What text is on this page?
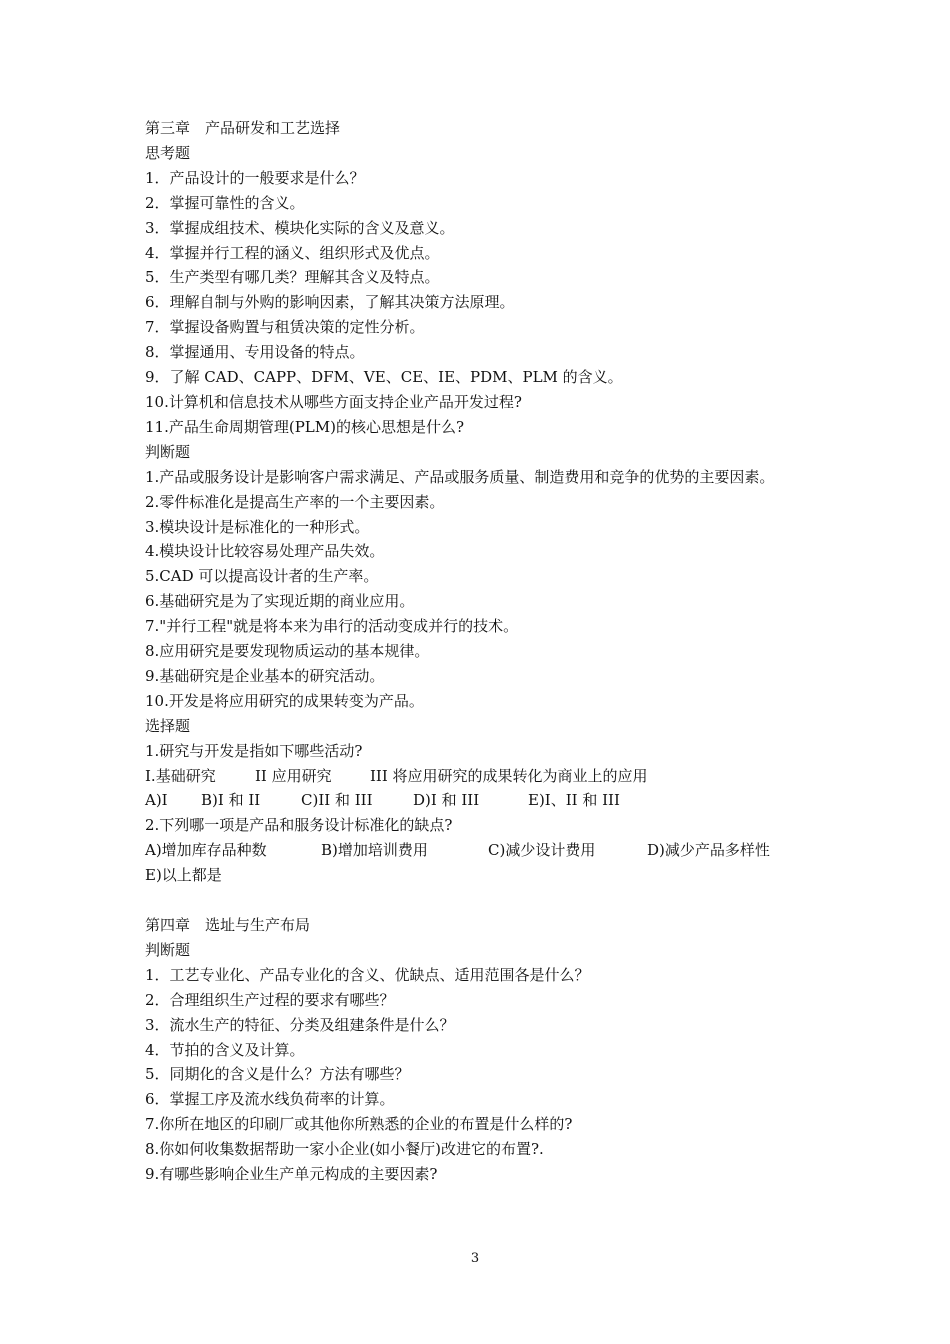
第三章　产品研发和工艺选择
思考题
1．产品设计的一般要求是什么？
2．掌握可靠性的含义。
3．掌握成组技术、模块化实际的含义及意义。
4．掌握并行工程的涵义、组织形式及优点。
5．生产类型有哪几类？理解其含义及特点。
6．理解自制与外购的影响因素，了解其决策方法原理。
7．掌握设备购置与租赁决策的定性分析。
8．掌握通用、专用设备的特点。
9．了解 CAD、CAPP、DFM、VE、CE、IE、PDM、PLM 的含义。
10.计算机和信息技术从哪些方面支持企业产品开发过程?
11.产品生命周期管理(PLM)的核心思想是什么?
判断题
1.产品或服务设计是影响客户需求满足、产品或服务质量、制造费用和竞争的优势的主要因素。
2.零件标准化是提高生产率的一个主要因素。
3.模块设计是标准化的一种形式。
4.模块设计比较容易处理产品失效。
5.CAD 可以提高设计者的生产率。
6.基础研究是为了实现近期的商业应用。
7."并行工程"就是将本来为串行的活动变成并行的技术。
8.应用研究是要发现物质运动的基本规律。
9.基础研究是企业基本的研究活动。
10.开发是将应用研究的成果转变为产品。
选择题
1.研究与开发是指如下哪些活动?
I.基础研究	II 应用研究	III 将应用研究的成果转化为商业上的应用
A)I	B)I 和 II	C)II 和 III	D)I 和 III	E)I、II 和 III
2.下列哪一项是产品和服务设计标准化的缺点?
A)增加库存品种数	B)增加培训费用	C)减少设计费用	D)减少产品多样性
E)以上都是
第四章　选址与生产布局
判断题
1．工艺专业化、产品专业化的含义、优缺点、适用范围各是什么？
2．合理组织生产过程的要求有哪些？
3．流水生产的特征、分类及组建条件是什么？
4．节拍的含义及计算。
5．同期化的含义是什么？方法有哪些？
6．掌握工序及流水线负荷率的计算。
7.你所在地区的印刷厂或其他你所熟悉的企业的布置是什么样的?
8.你如何收集数据帮助一家小企业(如小餐厅)改进它的布置?.
9.有哪些影响企业生产单元构成的主要因素?
3
